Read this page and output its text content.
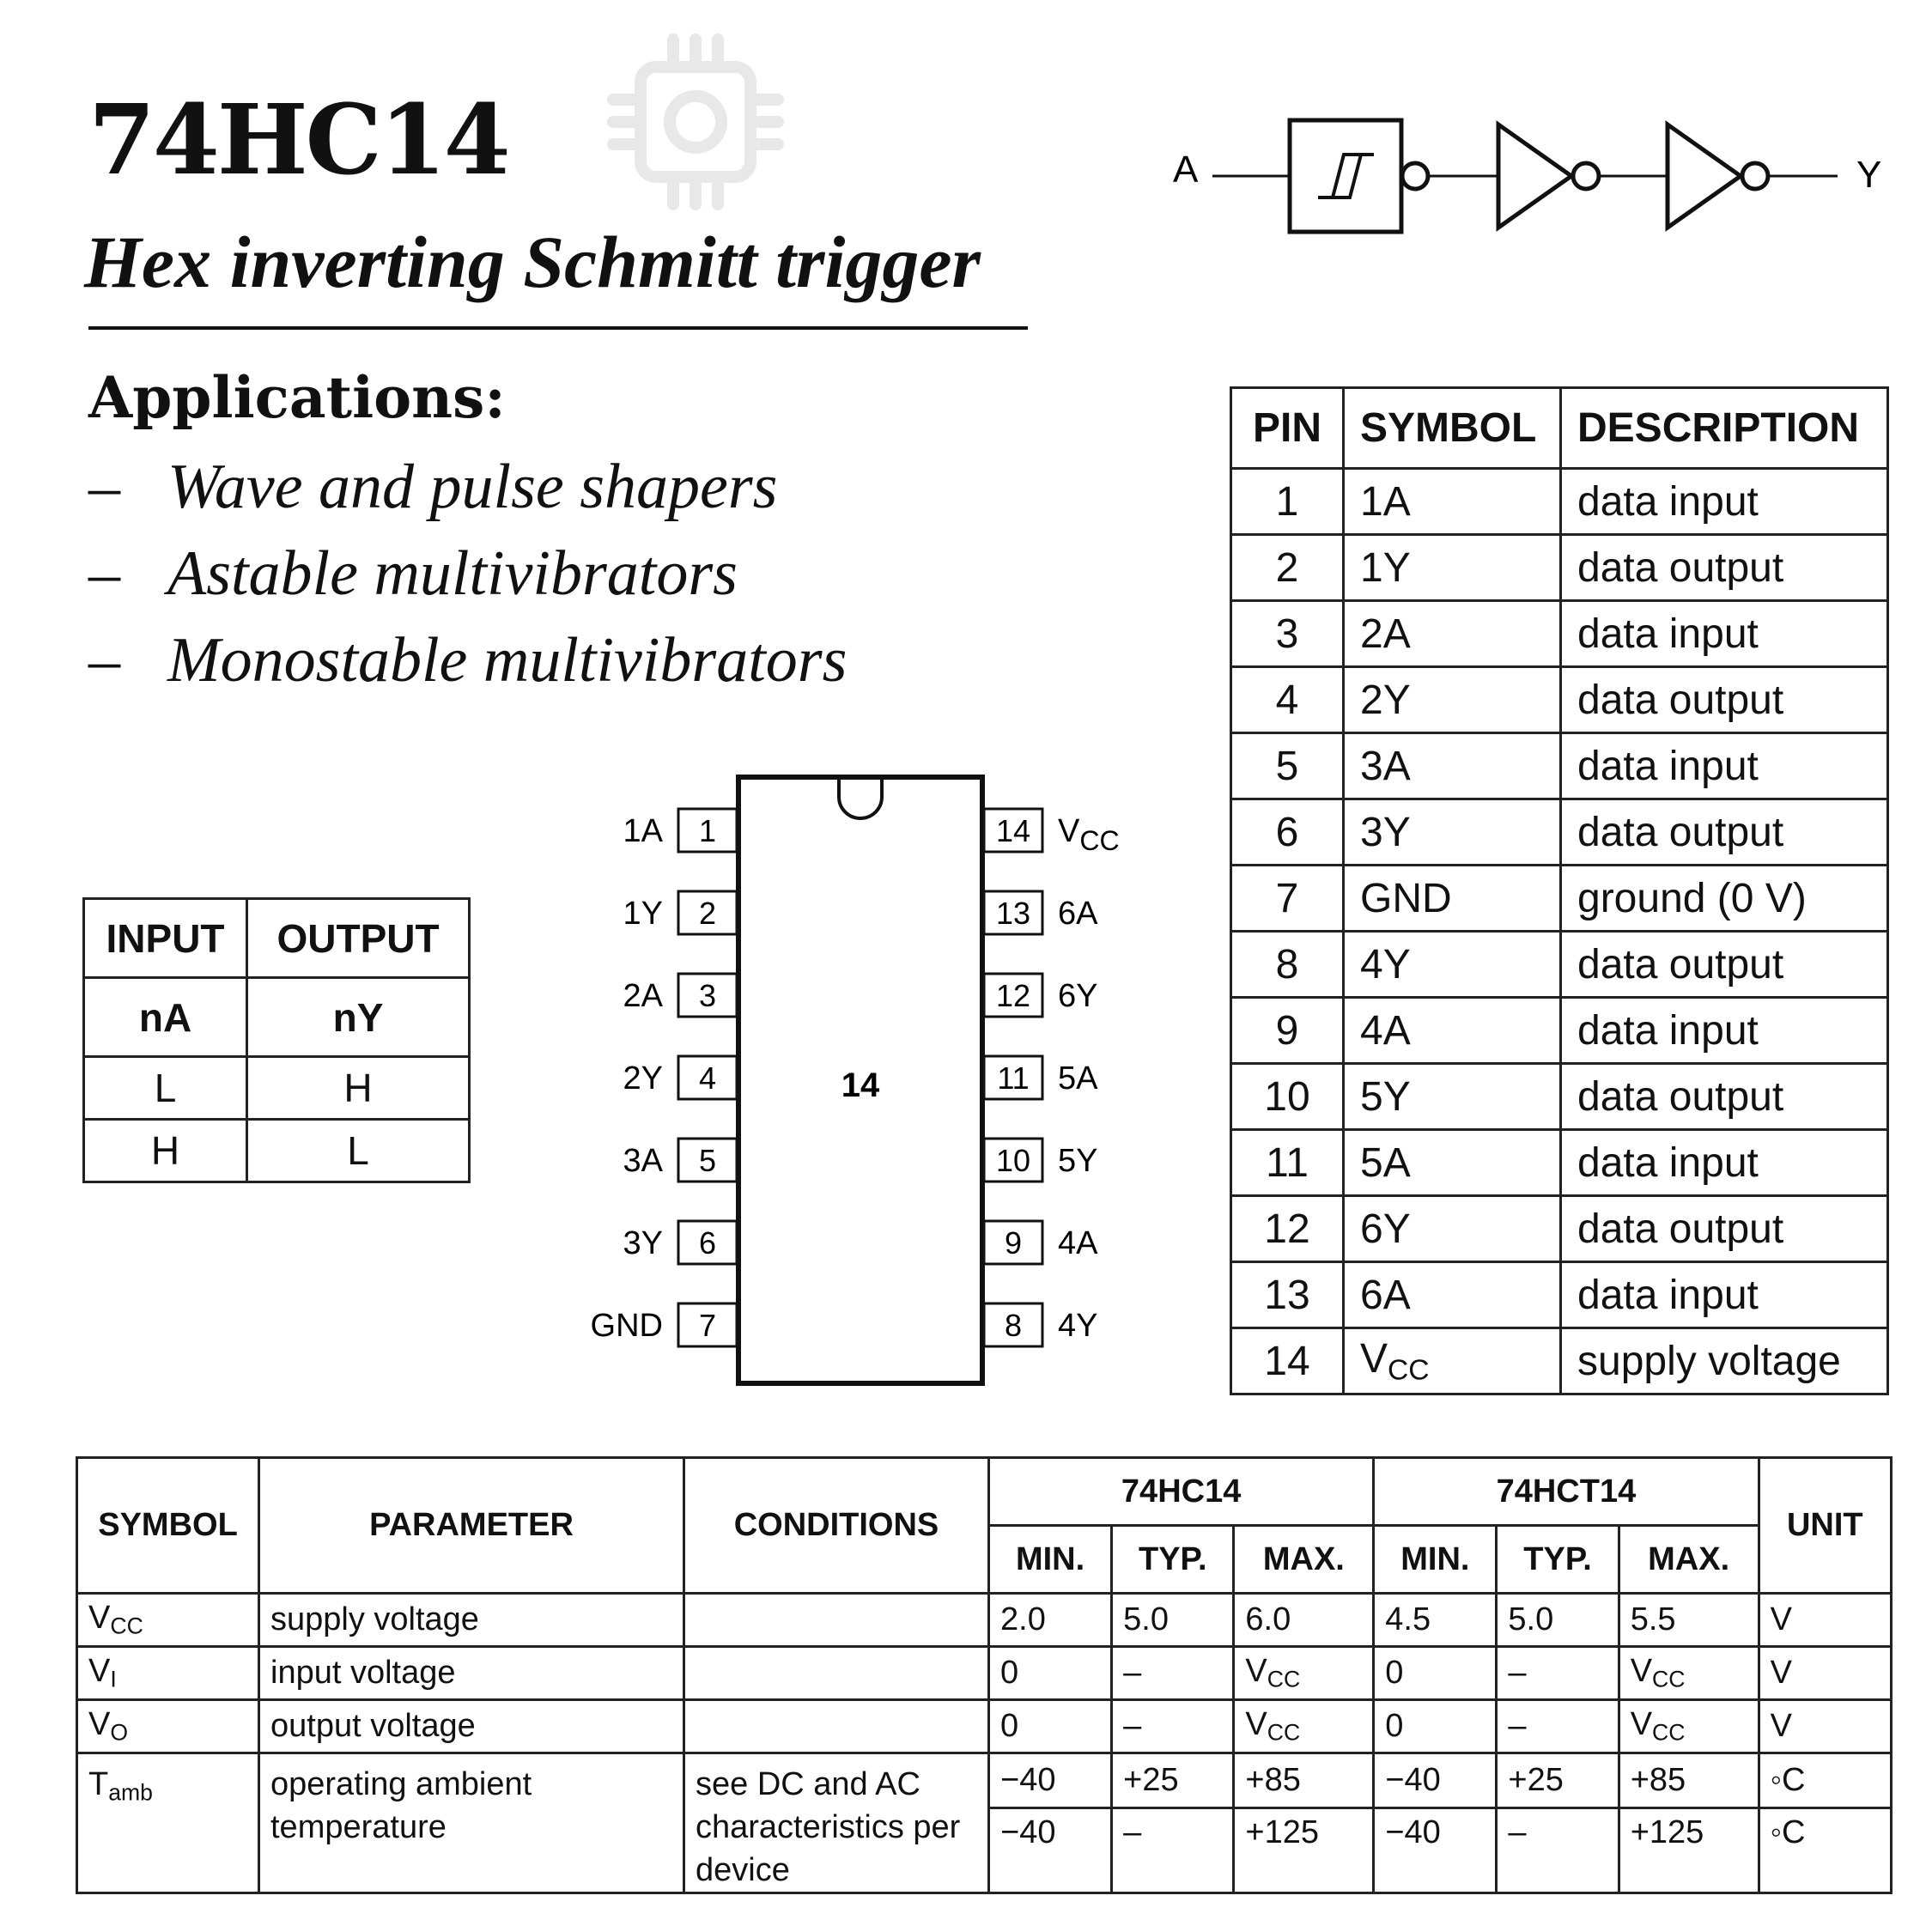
74HC14
Hex inverting Schmitt trigger
Applications:
– Wave and pulse shapers
– Astable multivibrators
– Monostable multivibrators
A	Y
INPUT	OUTPUT
nA	nY
L	H
H	L
14
1
1A
2
1Y
3
2A
4
2Y
5
3A
6
3Y
7
GND
14 $V_{CC}$
13 6A
12 6Y
11 5A
10 5Y
9 4A
8 4Y
PIN	SYMBOL	DESCRIPTION
1	1A	data input
2	1Y	data output
3	2A	data input
4	2Y	data output
5	3A	data input
6	3Y	data output
7	GND	ground (0 V)
8	4Y	data output
9	4A	data input
10	5Y	data output
11	5A	data input
12	6Y	data output
13	6A	data input
14	$V_{CC}$	supply voltage
SYMBOL	PARAMETER	CONDITIONS	74HC14			74HCT14			UNIT
			MIN.	TYP.	MAX.	MIN.	TYP.	MAX.	
$V_{CC}$	supply voltage		2.0	5.0	6.0	4.5	5.0	5.5	V
$V_I$	input voltage		0	–	$V_{CC}$	0	–	$V_{CC}$	V
$V_O$	output voltage		0	–	$V_{CC}$	0	–	$V_{CC}$	V
$T_{amb}$	operating ambient temperature	see DC and AC characteristics per device	−40	+25	+85	−40	+25	+85	◦C
			−40	–	+125	−40	–	+125	◦C
